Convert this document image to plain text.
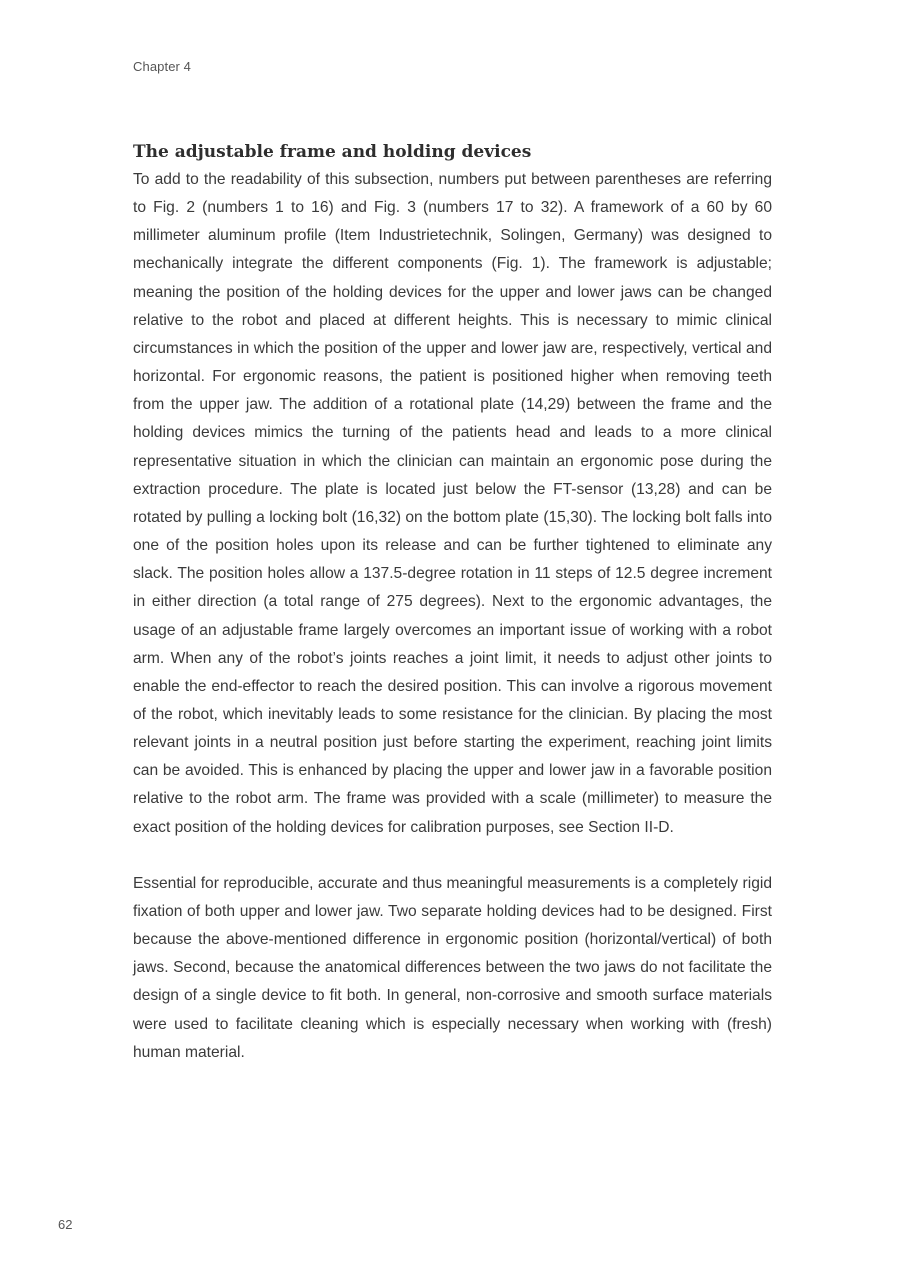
Chapter 4
The adjustable frame and holding devices

To add to the readability of this subsection, numbers put between parentheses are referring to Fig. 2 (numbers 1 to 16) and Fig. 3 (numbers 17 to 32). A framework of a 60 by 60 millimeter aluminum profile (Item Industrietechnik, Solingen, Germany) was designed to mechanically integrate the different components (Fig. 1). The framework is adjustable; meaning the position of the holding devices for the upper and lower jaws can be changed relative to the robot and placed at different heights. This is necessary to mimic clinical circumstances in which the position of the upper and lower jaw are, respectively, vertical and horizontal. For ergonomic reasons, the patient is positioned higher when removing teeth from the upper jaw. The addition of a rotational plate (14,29) between the frame and the holding devices mimics the turning of the patients head and leads to a more clinical representative situation in which the clinician can maintain an ergonomic pose during the extraction procedure. The plate is located just below the FT-sensor (13,28) and can be rotated by pulling a locking bolt (16,32) on the bottom plate (15,30). The locking bolt falls into one of the position holes upon its release and can be further tightened to eliminate any slack. The position holes allow a 137.5-degree rotation in 11 steps of 12.5 degree increment in either direction (a total range of 275 degrees). Next to the ergonomic advantages, the usage of an adjustable frame largely overcomes an important issue of working with a robot arm. When any of the robot’s joints reaches a joint limit, it needs to adjust other joints to enable the end-effector to reach the desired position. This can involve a rigorous movement of the robot, which inevitably leads to some resistance for the clinician. By placing the most relevant joints in a neutral position just before starting the experiment, reaching joint limits can be avoided. This is enhanced by placing the upper and lower jaw in a favorable position relative to the robot arm. The frame was provided with a scale (millimeter) to measure the exact position of the holding devices for calibration purposes, see Section II-D.

Essential for reproducible, accurate and thus meaningful measurements is a completely rigid fixation of both upper and lower jaw. Two separate holding devices had to be designed. First because the above-mentioned difference in ergonomic position (horizontal/vertical) of both jaws. Second, because the anatomical differences between the two jaws do not facilitate the design of a single device to fit both. In general, non-corrosive and smooth surface materials were used to facilitate cleaning which is especially necessary when working with (fresh) human material.

62
